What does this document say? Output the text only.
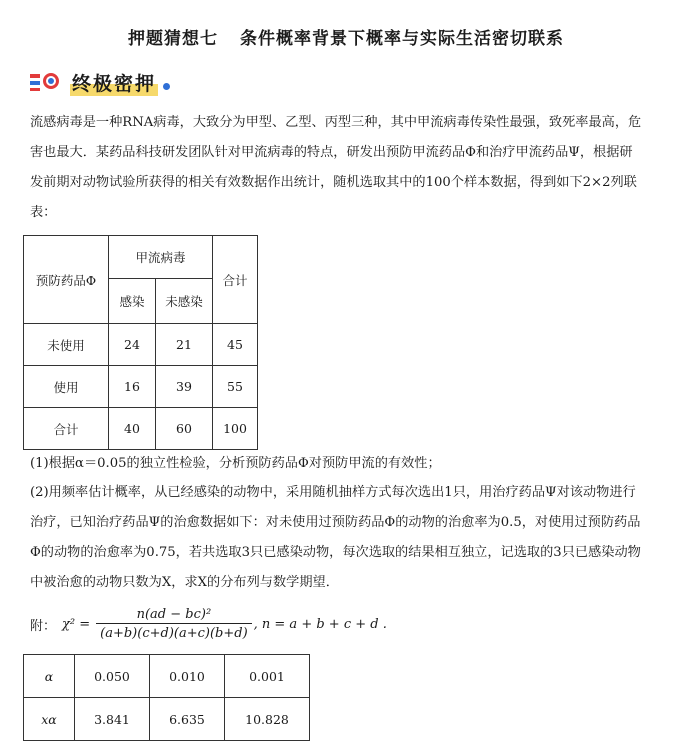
押题猜想七 条件概率背景下概率与实际生活密切联系
终极密押
流感病毒是一种RNA病毒，大致分为甲型、乙型、丙型三种，其中甲流病毒传染性最强，致死率最高，危
害也最大．某药品科技研发团队针对甲流病毒的特点，研发出预防甲流药品Φ和治疗甲流药品Ψ，根据研
发前期对动物试验所获得的相关有效数据作出统计，随机选取其中的100个样本数据，得到如下2×2列联
表：
预防药品Φ	甲流病毒		合计
	感染	未感染	
未使用	24	21	45
使用	16	39	55
合计	40	60	100
(1)根据α＝0.05的独立性检验，分析预防药品Φ对预防甲流的有效性；
(2)用频率估计概率，从已经感染的动物中，采用随机抽样方式每次选出1只，用治疗药品Ψ对该动物进行
治疗，已知治疗药品Ψ的治愈数据如下：对未使用过预防药品Φ的动物的治愈率为0.5，对使用过预防药品
Φ的动物的治愈率为0.75，若共选取3只已感染动物，每次选取的结果相互独立，记选取的3只已感染动物
中被治愈的动物只数为X，求X的分布列与数学期望．
附： $\chi^2 = \frac{\text{n(ad − bc)²}}{(a+b)(c+d)(a+c)(b+d)}$ , n = a + b + c + d .
α	0.050	0.010	0.001
xα	3.841	6.635	10.828
